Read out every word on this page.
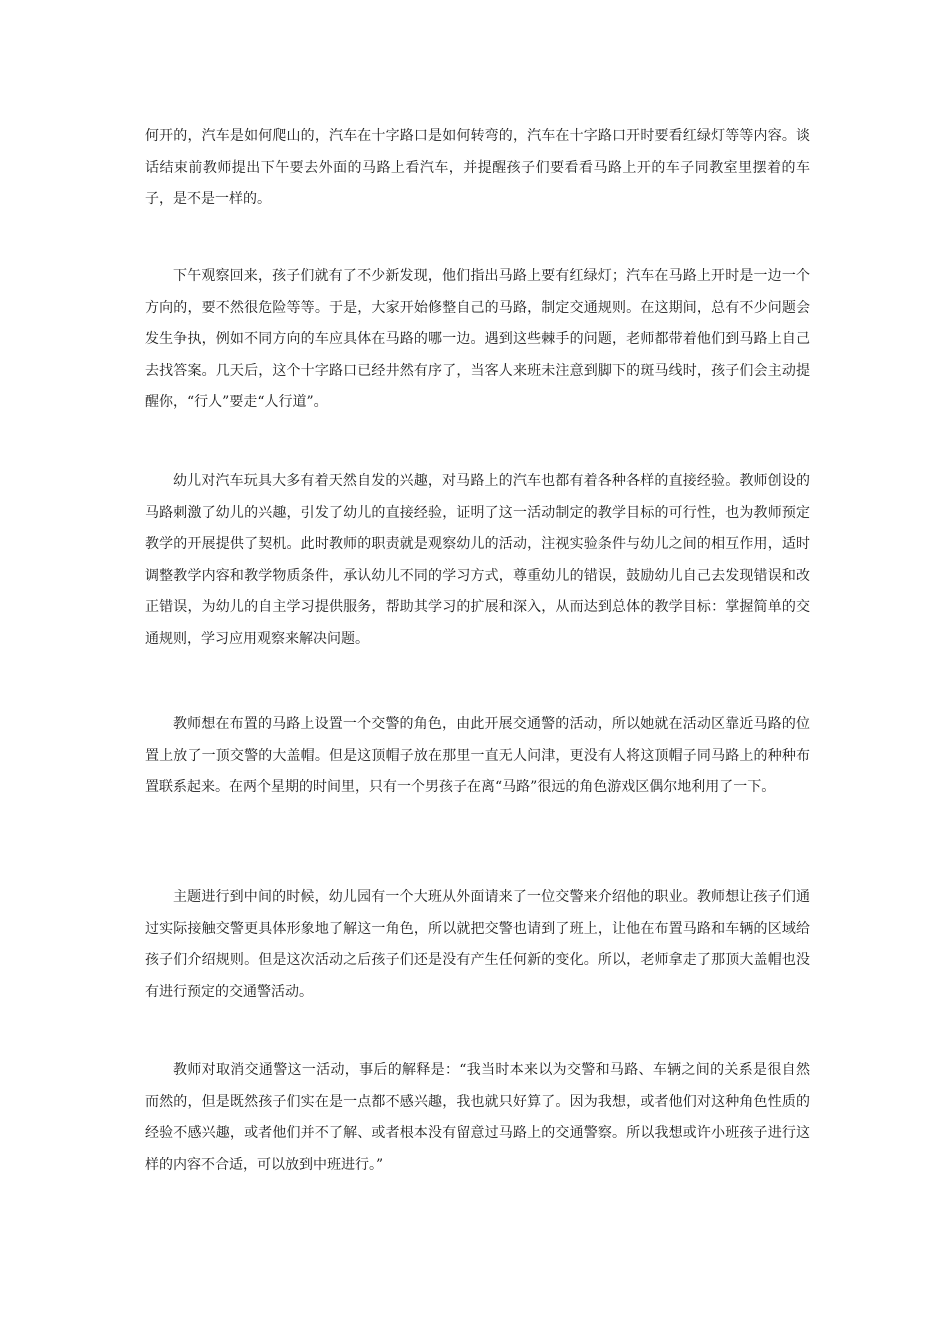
何开的，汽车是如何爬山的，汽车在十字路口是如何转弯的，汽车在十字路口开时要看红绿灯等等内容。谈话结束前教师提出下午要去外面的马路上看汽车，并提醒孩子们要看看马路上开的车子同教室里摆着的车子，是不是一样的。

下午观察回来，孩子们就有了不少新发现，他们指出马路上要有红绿灯；汽车在马路上开时是一边一个方向的，要不然很危险等等。于是，大家开始修整自己的马路，制定交通规则。在这期间，总有不少问题会发生争执，例如不同方向的车应具体在马路的哪一边。遇到这些棘手的问题，老师都带着他们到马路上自己去找答案。几天后，这个十字路口已经井然有序了，当客人来班未注意到脚下的斑马线时，孩子们会主动提醒你，“行人”要走“人行道”。

幼儿对汽车玩具大多有着天然自发的兴趣，对马路上的汽车也都有着各种各样的直接经验。教师创设的马路刺激了幼儿的兴趣，引发了幼儿的直接经验，证明了这一活动制定的教学目标的可行性，也为教师预定教学的开展提供了契机。此时教师的职责就是观察幼儿的活动，注视实验条件与幼儿之间的相互作用，适时调整教学内容和教学物质条件，承认幼儿不同的学习方式，尊重幼儿的错误，鼓励幼儿自己去发现错误和改正错误，为幼儿的自主学习提供服务，帮助其学习的扩展和深入，从而达到总体的教学目标：掌握简单的交通规则，学习应用观察来解决问题。

教师想在布置的马路上设置一个交警的角色，由此开展交通警的活动，所以她就在活动区靠近马路的位置上放了一顶交警的大盖帽。但是这顶帽子放在那里一直无人问津，更没有人将这顶帽子同马路上的种种布置联系起来。在两个星期的时间里，只有一个男孩子在离“马路”很远的角色游戏区偶尔地利用了一下。

主题进行到中间的时候，幼儿园有一个大班从外面请来了一位交警来介绍他的职业。教师想让孩子们通过实际接触交警更具体形象地了解这一角色，所以就把交警也请到了班上，让他在布置马路和车辆的区域给孩子们介绍规则。但是这次活动之后孩子们还是没有产生任何新的变化。所以，老师拿走了那顶大盖帽也没有进行预定的交通警活动。

教师对取消交通警这一活动，事后的解释是：“我当时本来以为交警和马路、车辆之间的关系是很自然而然的，但是既然孩子们实在是一点都不感兴趣，我也就只好算了。因为我想，或者他们对这种角色性质的经验不感兴趣，或者他们并不了解、或者根本没有留意过马路上的交通警察。所以我想或许小班孩子进行这样的内容不合适，可以放到中班进行。”
